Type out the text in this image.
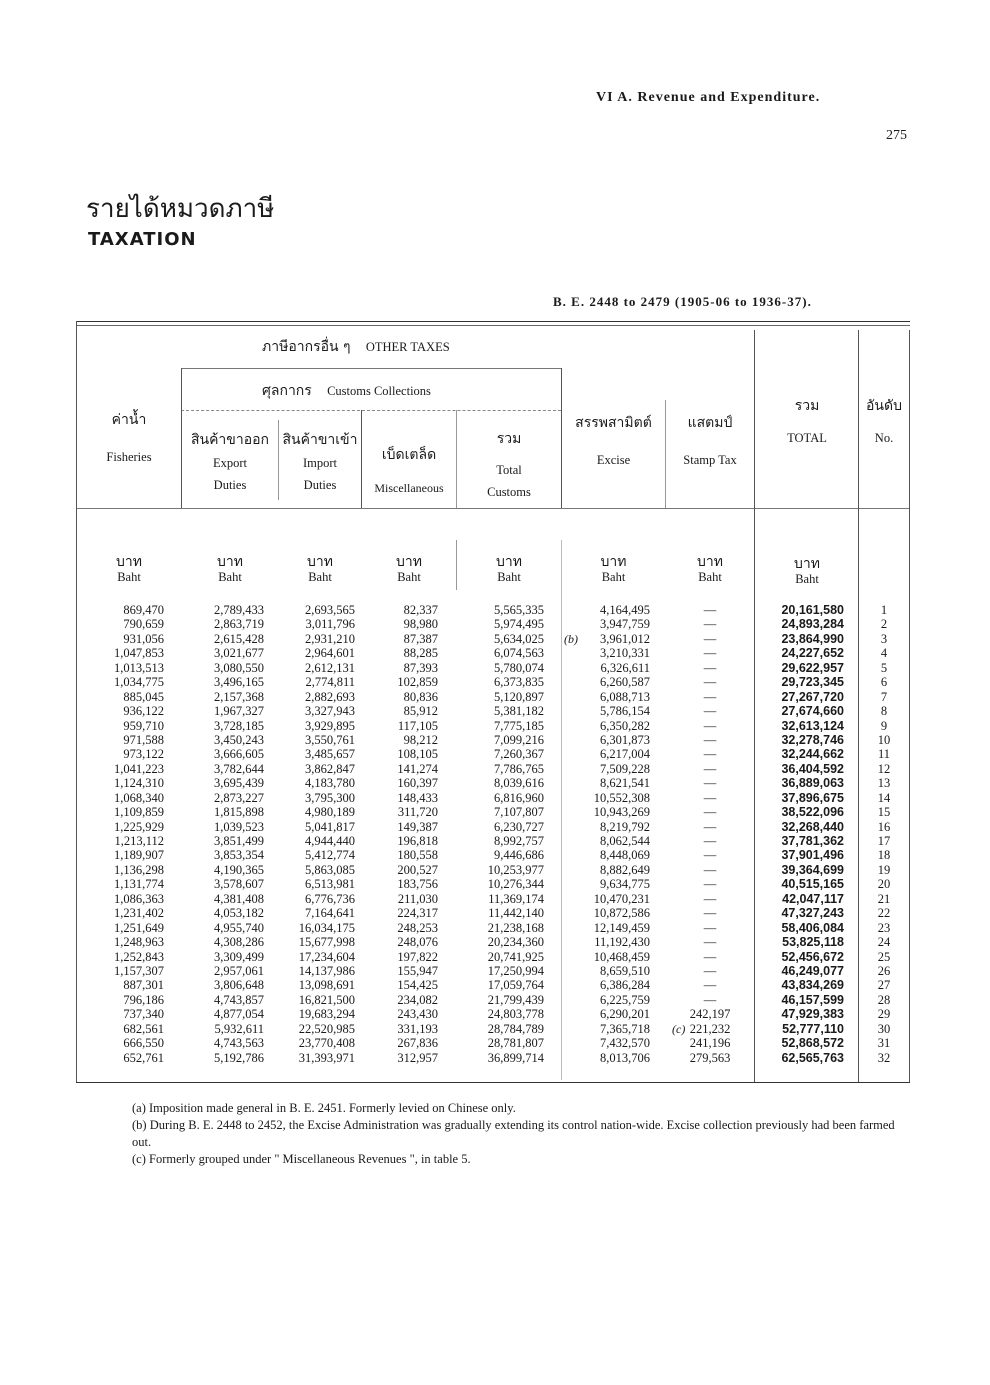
VI A. Revenue and Expenditure.
275
รายได้หมวดภาษี
TAXATION
B. E. 2448 to 2479 (1905-06 to 1936-37).
ภาษีอากรอื่น ๆ OTHER TAXES
ศุลกากร Customs Collections
ค่าน้ำ
Fisheries
สินค้าขาออก
Export
Duties
สินค้าขาเข้า
Import
Duties
เบ็ดเตล็ด
Miscellaneous
รวม
Total
Customs
สรรพสามิตต์
Excise
แสตมป์
Stamp Tax
รวม
TOTAL
อันดับ
No.
บาท
Baht
บาท
Baht
บาท
Baht
บาท
Baht
บาท
Baht
บาท
Baht
บาท
Baht
บาท
Baht
869,470
790,659
931,056
1,047,853
1,013,513
1,034,775
885,045
936,122
959,710
971,588
973,122
1,041,223
1,124,310
1,068,340
1,109,859
1,225,929
1,213,112
1,189,907
1,136,298
1,131,774
1,086,363
1,231,402
1,251,649
1,248,963
1,252,843
1,157,307
887,301
796,186
737,340
682,561
666,550
652,761
2,789,433
2,863,719
2,615,428
3,021,677
3,080,550
3,496,165
2,157,368
1,967,327
3,728,185
3,450,243
3,666,605
3,782,644
3,695,439
2,873,227
1,815,898
1,039,523
3,851,499
3,853,354
4,190,365
3,578,607
4,381,408
4,053,182
4,955,740
4,308,286
3,309,499
2,957,061
3,806,648
4,743,857
4,877,054
5,932,611
4,743,563
5,192,786
2,693,565
3,011,796
2,931,210
2,964,601
2,612,131
2,774,811
2,882,693
3,327,943
3,929,895
3,550,761
3,485,657
3,862,847
4,183,780
3,795,300
4,980,189
5,041,817
4,944,440
5,412,774
5,863,085
6,513,981
6,776,736
7,164,641
16,034,175
15,677,998
17,234,604
14,137,986
13,098,691
16,821,500
19,683,294
22,520,985
23,770,408
31,393,971
82,337
98,980
87,387
88,285
87,393
102,859
80,836
85,912
117,105
98,212
108,105
141,274
160,397
148,433
311,720
149,387
196,818
180,558
200,527
183,756
211,030
224,317
248,253
248,076
197,822
155,947
154,425
234,082
243,430
331,193
267,836
312,957
5,565,335
5,974,495
5,634,025
6,074,563
5,780,074
6,373,835
5,120,897
5,381,182
7,775,185
7,099,216
7,260,367
7,786,765
8,039,616
6,816,960
7,107,807
6,230,727
8,992,757
9,446,686
10,253,977
10,276,344
11,369,174
11,442,140
21,238,168
20,234,360
20,741,925
17,250,994
17,059,764
21,799,439
24,803,778
28,784,789
28,781,807
36,899,714
4,164,495
3,947,759
3,961,012
3,210,331
6,326,611
6,260,587
6,088,713
5,786,154
6,350,282
6,301,873
6,217,004
7,509,228
8,621,541
10,552,308
10,943,269
8,219,792
8,062,544
8,448,069
8,882,649
9,634,775
10,470,231
10,872,586
12,149,459
11,192,430
10,468,459
8,659,510
6,386,284
6,225,759
6,290,201
7,365,718
7,432,570
8,013,706
—
—
—
—
—
—
—
—
—
—
—
—
—
—
—
—
—
—
—
—
—
—
—
—
—
—
—
—
242,197
221,232
241,196
279,563
20,161,580
24,893,284
23,864,990
24,227,652
29,622,957
29,723,345
27,267,720
27,674,660
32,613,124
32,278,746
32,244,662
36,404,592
36,889,063
37,896,675
38,522,096
32,268,440
37,781,362
37,901,496
39,364,699
40,515,165
42,047,117
47,327,243
58,406,084
53,825,118
52,456,672
46,249,077
43,834,269
46,157,599
47,929,383
52,777,110
52,868,572
62,565,763
1
2
3
4
5
6
7
8
9
10
11
12
13
14
15
16
17
18
19
20
21
22
23
24
25
26
27
28
29
30
31
32
(b)
(c)

(a) Imposition made general in B. E. 2451. Formerly levied on Chinese only.

(b) During B. E. 2448 to 2452, the Excise Administration was gradually extending its control nation-wide. Excise collection previously had been farmed out.

(c) Formerly grouped under " Miscellaneous Revenues ", in table 5.
